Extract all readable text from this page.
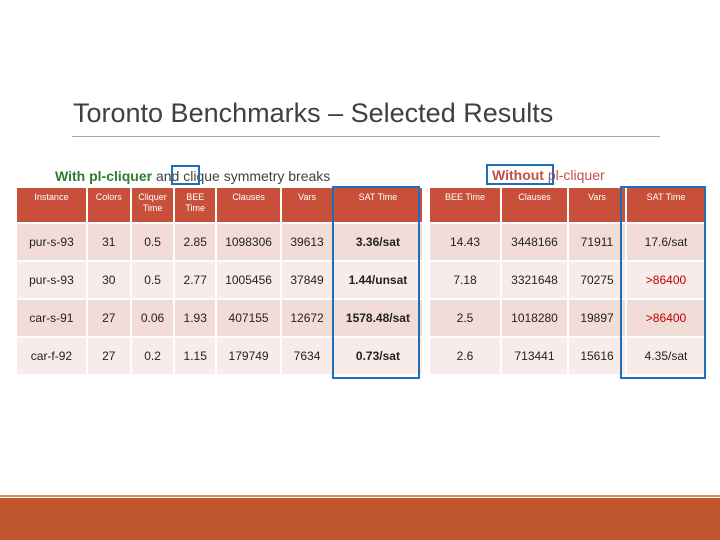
Toronto Benchmarks – Selected Results
With pl-cliquer and clique symmetry breaks	Without pl-cliquer
Instance	Colors	Cliquer Time	BEE Time	Clauses	Vars	SAT Time
pur-s-93	31	0.5	2.85	1098306	39613	3.36/sat
pur-s-93	30	0.5	2.77	1005456	37849	1.44/unsat
car-s-91	27	0.06	1.93	407155	12672	1578.48/sat
car-f-92	27	0.2	1.15	179749	7634	0.73/sat
BEE Time	Clauses	Vars	SAT Time
14.43	3448166	71911	17.6/sat
7.18	3321648	70275	>86400
2.5	1018280	19897	>86400
2.6	713441	15616	4.35/sat
